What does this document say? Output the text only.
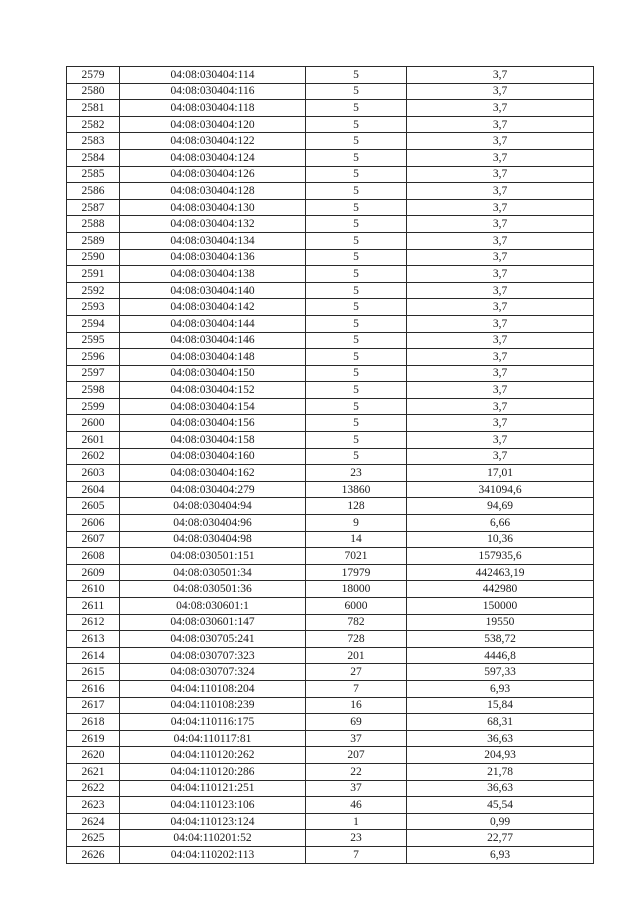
2579	04:08:030404:114	5	3,7
2580	04:08:030404:116	5	3,7
2581	04:08:030404:118	5	3,7
2582	04:08:030404:120	5	3,7
2583	04:08:030404:122	5	3,7
2584	04:08:030404:124	5	3,7
2585	04:08:030404:126	5	3,7
2586	04:08:030404:128	5	3,7
2587	04:08:030404:130	5	3,7
2588	04:08:030404:132	5	3,7
2589	04:08:030404:134	5	3,7
2590	04:08:030404:136	5	3,7
2591	04:08:030404:138	5	3,7
2592	04:08:030404:140	5	3,7
2593	04:08:030404:142	5	3,7
2594	04:08:030404:144	5	3,7
2595	04:08:030404:146	5	3,7
2596	04:08:030404:148	5	3,7
2597	04:08:030404:150	5	3,7
2598	04:08:030404:152	5	3,7
2599	04:08:030404:154	5	3,7
2600	04:08:030404:156	5	3,7
2601	04:08:030404:158	5	3,7
2602	04:08:030404:160	5	3,7
2603	04:08:030404:162	23	17,01
2604	04:08:030404:279	13860	341094,6
2605	04:08:030404:94	128	94,69
2606	04:08:030404:96	9	6,66
2607	04:08:030404:98	14	10,36
2608	04:08:030501:151	7021	157935,6
2609	04:08:030501:34	17979	442463,19
2610	04:08:030501:36	18000	442980
2611	04:08:030601:1	6000	150000
2612	04:08:030601:147	782	19550
2613	04:08:030705:241	728	538,72
2614	04:08:030707:323	201	4446,8
2615	04:08:030707:324	27	597,33
2616	04:04:110108:204	7	6,93
2617	04:04:110108:239	16	15,84
2618	04:04:110116:175	69	68,31
2619	04:04:110117:81	37	36,63
2620	04:04:110120:262	207	204,93
2621	04:04:110120:286	22	21,78
2622	04:04:110121:251	37	36,63
2623	04:04:110123:106	46	45,54
2624	04:04:110123:124	1	0,99
2625	04:04:110201:52	23	22,77
2626	04:04:110202:113	7	6,93
